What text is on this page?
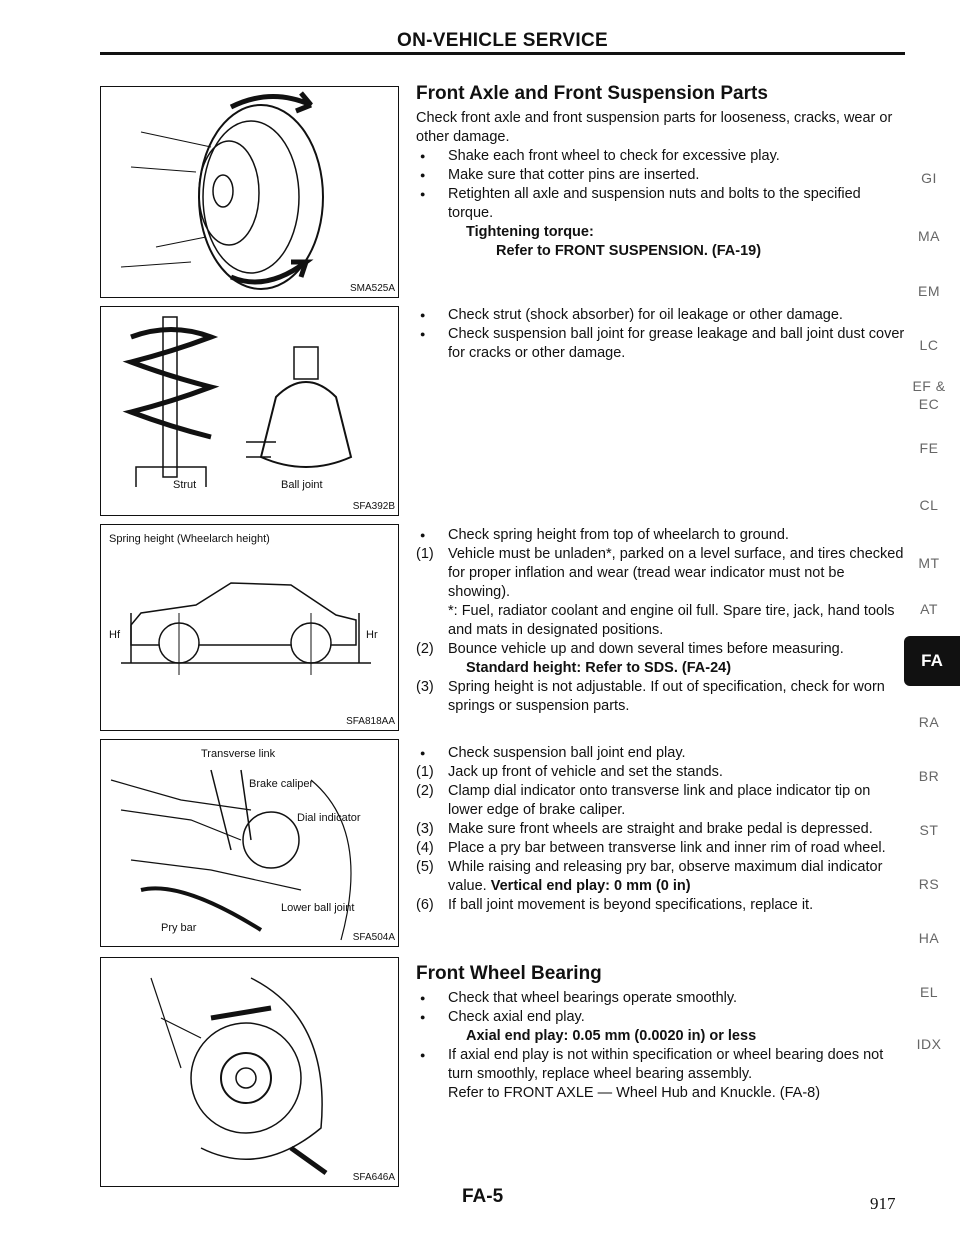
ON-VEHICLE SERVICE
SMA525A
Strut	Ball joint
SFA392B
Spring height (Wheelarch height)
Hf	Hr
SFA818AA
Transverse link
Brake caliper
Dial indicator
Lower ball joint
Pry bar
SFA504A
SFA646A
Front Axle and Front Suspension Parts

Check front axle and front suspension parts for looseness, cracks, wear or other damage.

● Shake each front wheel to check for excessive play.

● Make sure that cotter pins are inserted.

● Retighten all axle and suspension nuts and bolts to the specified torque.

Tightening torque:

Refer to FRONT SUSPENSION. (FA-19)

● Check strut (shock absorber) for oil leakage or other damage.

● Check suspension ball joint for grease leakage and ball joint dust cover for cracks or other damage.

● Check spring height from top of wheelarch to ground.

(1) Vehicle must be unladen*, parked on a level surface, and tires checked for proper inflation and wear (tread wear indicator must not be showing).

*: Fuel, radiator coolant and engine oil full. Spare tire, jack, hand tools and mats in designated positions.

(2) Bounce vehicle up and down several times before measuring.

Standard height: Refer to SDS. (FA-24)

(3) Spring height is not adjustable. If out of specification, check for worn springs or suspension parts.

● Check suspension ball joint end play.

(1) Jack up front of vehicle and set the stands.

(2) Clamp dial indicator onto transverse link and place indicator tip on lower edge of brake caliper.

(3) Make sure front wheels are straight and brake pedal is depressed.

(4) Place a pry bar between transverse link and inner rim of road wheel.

(5) While raising and releasing pry bar, observe maximum dial indicator value. Vertical end play: 0 mm (0 in)

(6) If ball joint movement is beyond specifications, replace it.

Front Wheel Bearing

● Check that wheel bearings operate smoothly.

● Check axial end play.

Axial end play: 0.05 mm (0.0020 in) or less

● If axial end play is not within specification or wheel bearing does not turn smoothly, replace wheel bearing assembly.

Refer to FRONT AXLE — Wheel Hub and Knuckle. (FA-8)

GI
MA
EM
LC
EF &
EC
FE
CL
MT
AT
RA
BR
ST
RS
HA
EL
IDX
FA
FA-5	917
